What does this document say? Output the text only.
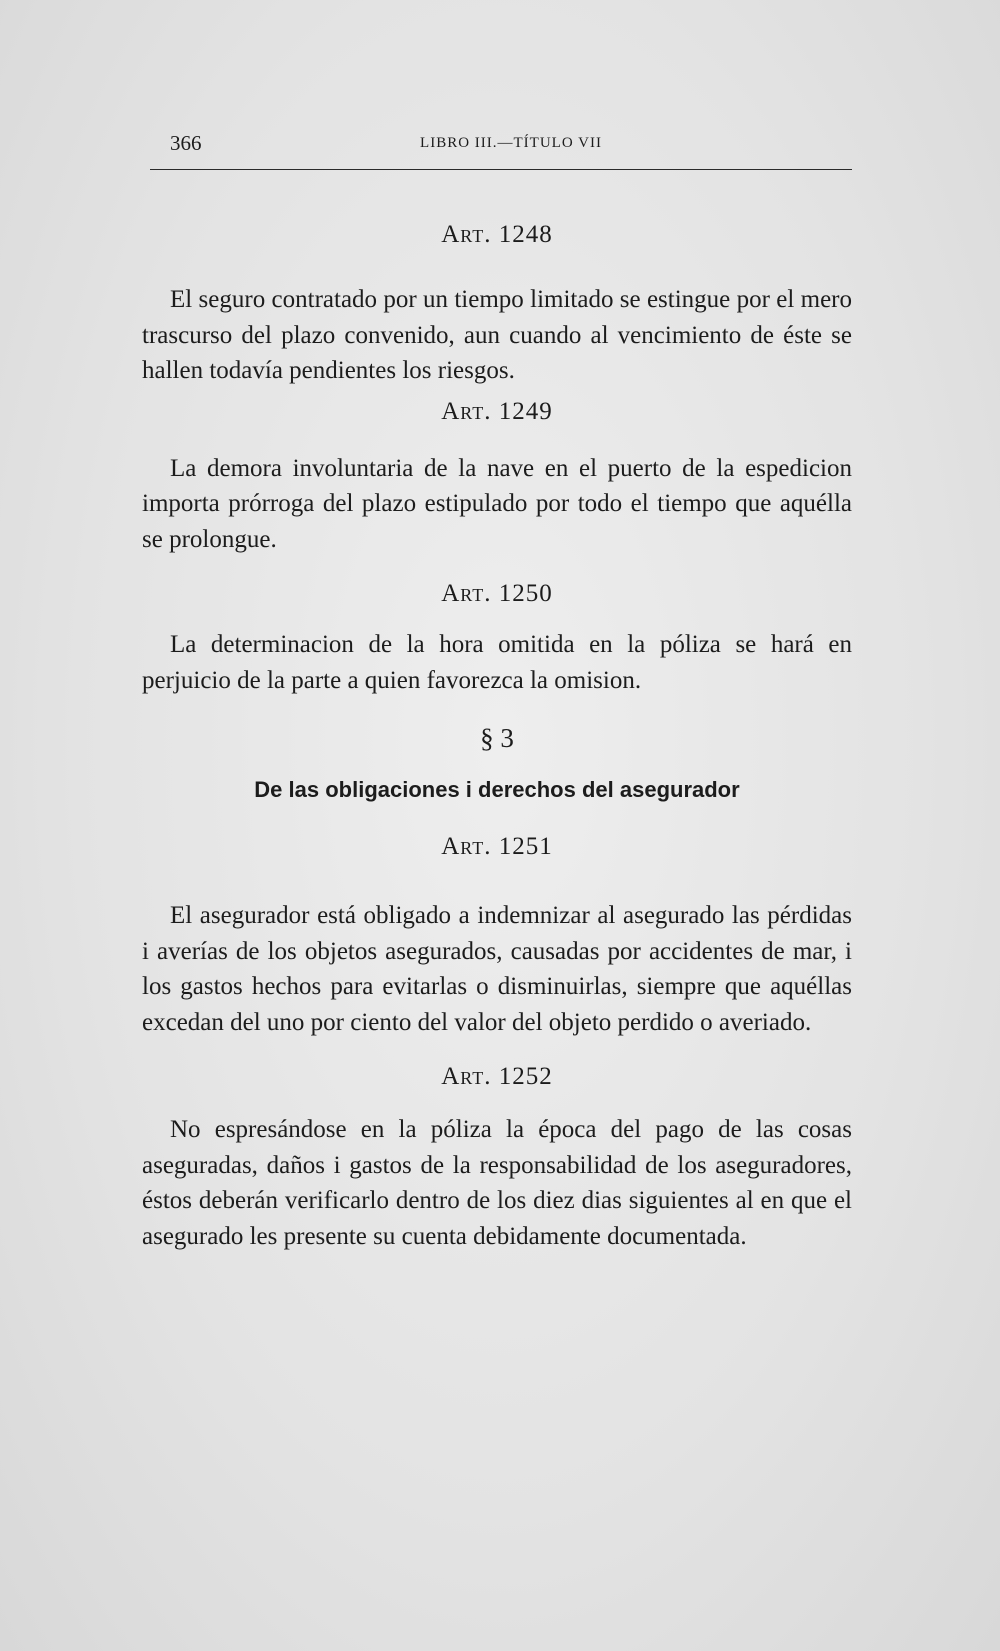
366	LIBRO III.—TÍTULO VII

Art. 1248

El seguro contratado por un tiempo limitado se estingue por el mero trascurso del plazo convenido, aun cuando al vencimiento de éste se hallen todavía pendientes los riesgos.

Art. 1249

La demora involuntaria de la nave en el puerto de la espedicion importa prórroga del plazo estipulado por todo el tiempo que aquélla se prolongue.

Art. 1250

La determinacion de la hora omitida en la póliza se hará en perjuicio de la parte a quien favorezca la omision.

§ 3

De las obligaciones i derechos del asegurador

Art. 1251

El asegurador está obligado a indemnizar al asegurado las pérdidas i averías de los objetos asegurados, causadas por accidentes de mar, i los gastos hechos para evitarlas o disminuirlas, siempre que aquéllas excedan del uno por ciento del valor del objeto perdido o averiado.

Art. 1252

No espresándose en la póliza la época del pago de las cosas aseguradas, daños i gastos de la responsabilidad de los aseguradores, éstos deberán verificarlo dentro de los diez dias siguientes al en que el asegurado les presente su cuenta debidamente documentada.
